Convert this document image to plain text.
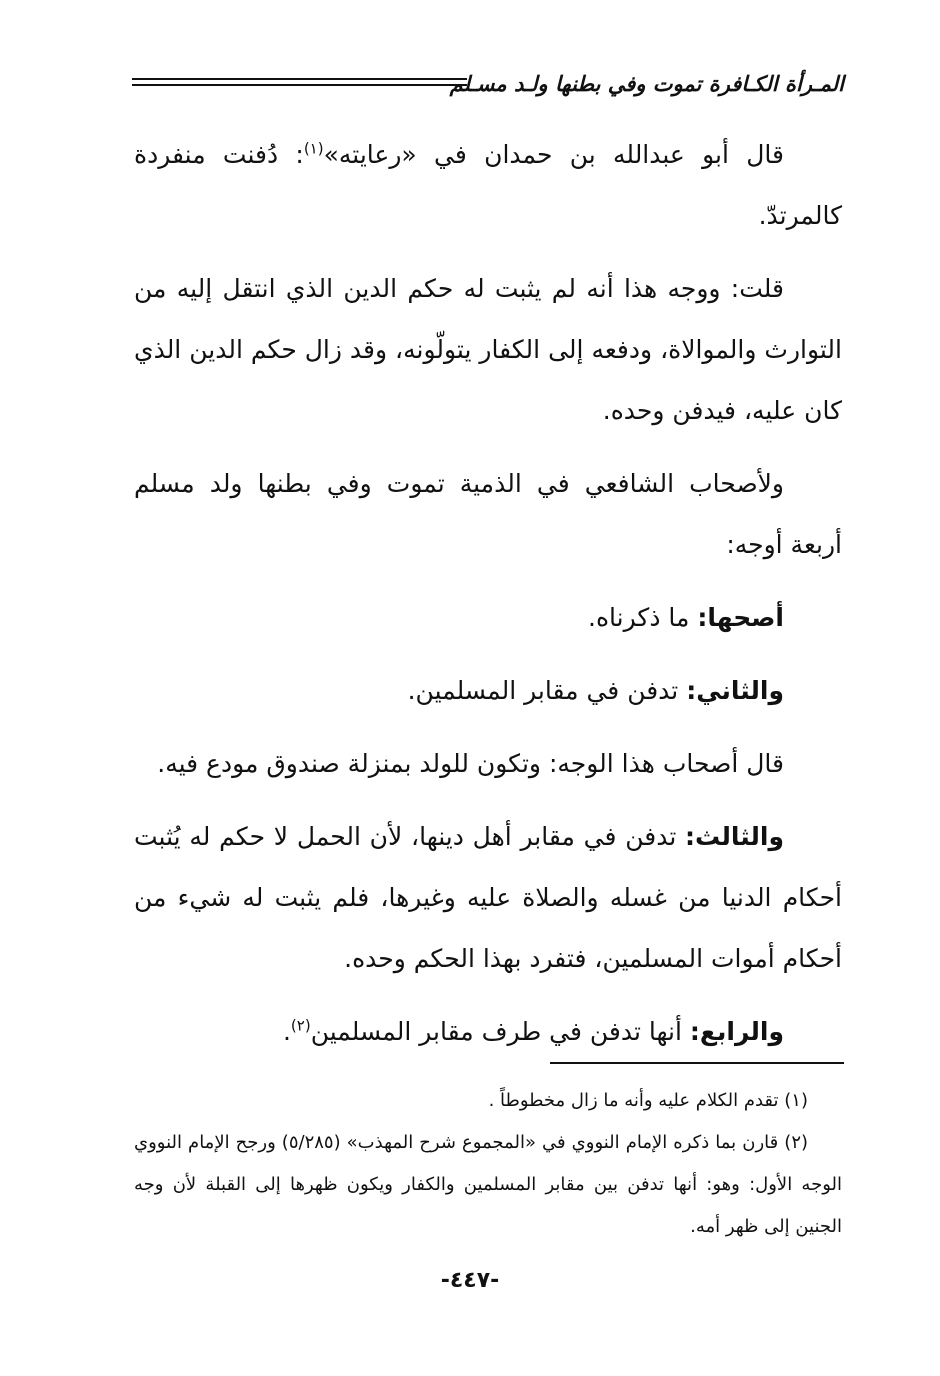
المـرأة الكـافرة تموت وفي بطنها ولـد مسـلم

قال أبو عبدالله بن حمدان في «رعايته»$^{(١)}$: دُفنت منفردة كالمرتدّ.

قلت: ووجه هذا أنه لم يثبت له حكم الدين الذي انتقل إليه من التوارث والموالاة، ودفعه إلى الكفار يتولّونه، وقد زال حكم الدين الذي كان عليه، فيدفن وحده.

ولأصحاب الشافعي في الذمية تموت وفي بطنها ولد مسلم أربعة أوجه:

أصحها: ما ذكرناه.

والثاني: تدفن في مقابر المسلمين.

قال أصحاب هذا الوجه: وتكون للولد بمنزلة صندوق مودع فيه.

والثالث: تدفن في مقابر أهل دينها، لأن الحمل لا حكم له يُثبت أحكام الدنيا من غسله والصلاة عليه وغيرها، فلم يثبت له شيء من أحكام أموات المسلمين، فتفرد بهذا الحكم وحده.

والرابع: أنها تدفن في طرف مقابر المسلمين$^{(٢)}$.

(١) تقدم الكلام عليه وأنه ما زال مخطوطاً .

(٢) قارن بما ذكره الإمام النووي في «المجموع شرح المهذب» (٥/٢٨٥) ورجح الإمام النووي الوجه الأول: وهو: أنها تدفن بين مقابر المسلمين والكفار ويكون ظهرها إلى القبلة لأن وجه الجنين إلى ظهر أمه.

-٤٤٧-
